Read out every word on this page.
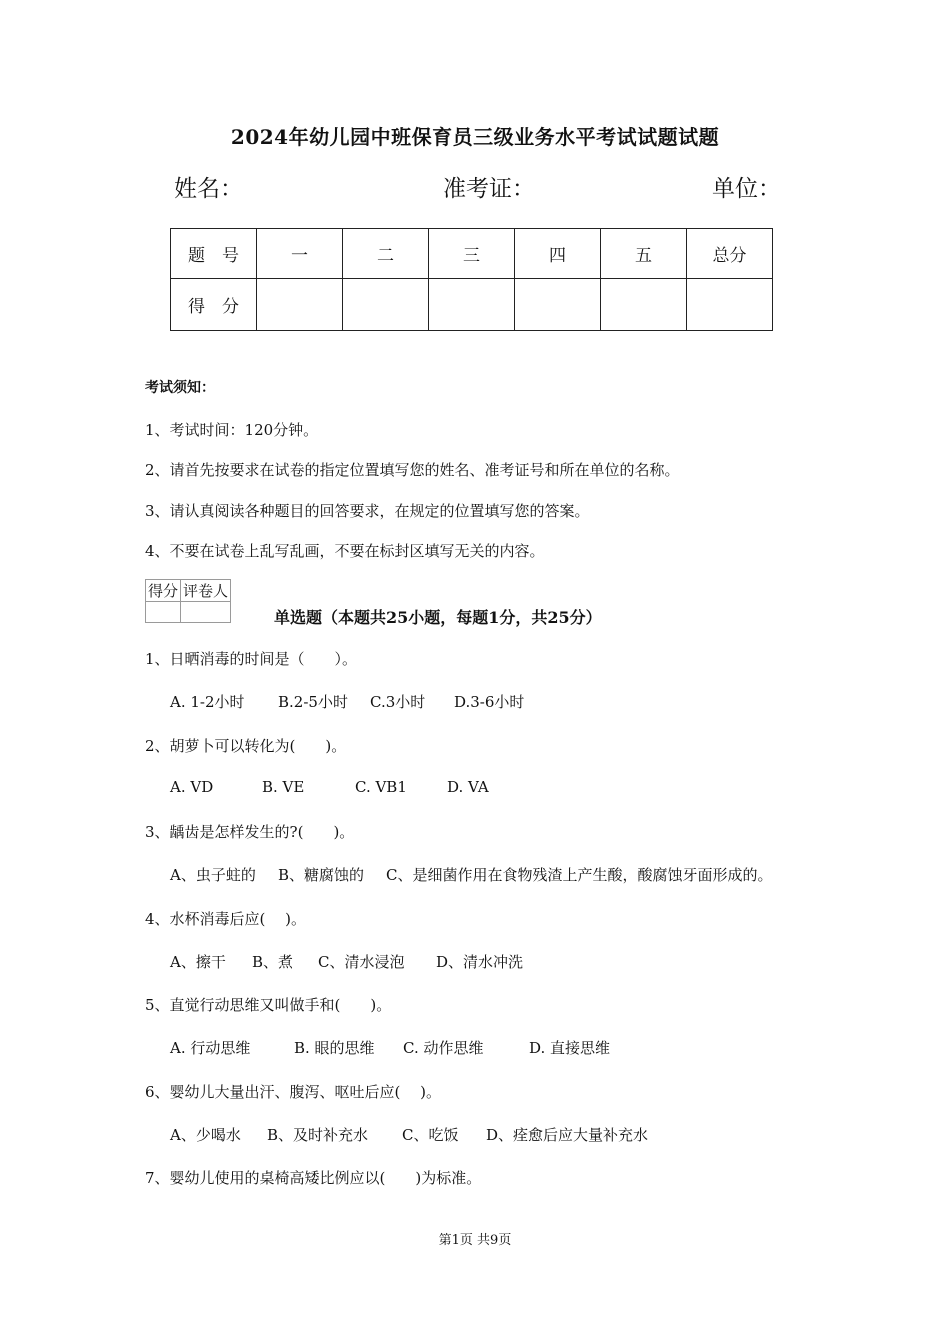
2024年幼儿园中班保育员三级业务水平考试试题试题
姓名：	准考证：	单位：
题　号	一	二	三	四	五	总分
得　分						
考试须知：
1、考试时间：120分钟。
2、请首先按要求在试卷的指定位置填写您的姓名、准考证号和所在单位的名称。
3、请认真阅读各种题目的回答要求，在规定的位置填写您的答案。
4、不要在试卷上乱写乱画，不要在标封区填写无关的内容。
得分	评卷人

单选题（本题共25小题，每题1分，共25分）
1、日晒消毒的时间是（　　）。
A. 1-2小时 B.2-5小时 C.3小时 D.3-6小时
2、胡萝卜可以转化为(　　)。
A. VD	B. VE	C. VB1	D. VA
3、龋齿是怎样发生的?(　　)。
A、虫子蛀的 B、糖腐蚀的 C、是细菌作用在食物残渣上产生酸，酸腐蚀牙面形成的。
4、水杯消毒后应(　 )。
A、擦干 B、煮 C、清水浸泡 D、清水冲洗
5、直觉行动思维又叫做手和(　　)。
A. 行动思维	B. 眼的思维 C. 动作思维	D. 直接思维
6、婴幼儿大量出汗、腹泻、呕吐后应(　 )。
A、少喝水 B、及时补充水 C、吃饭 D、痊愈后应大量补充水
7、婴幼儿使用的桌椅高矮比例应以(　　)为标准。
第1页 共9页
